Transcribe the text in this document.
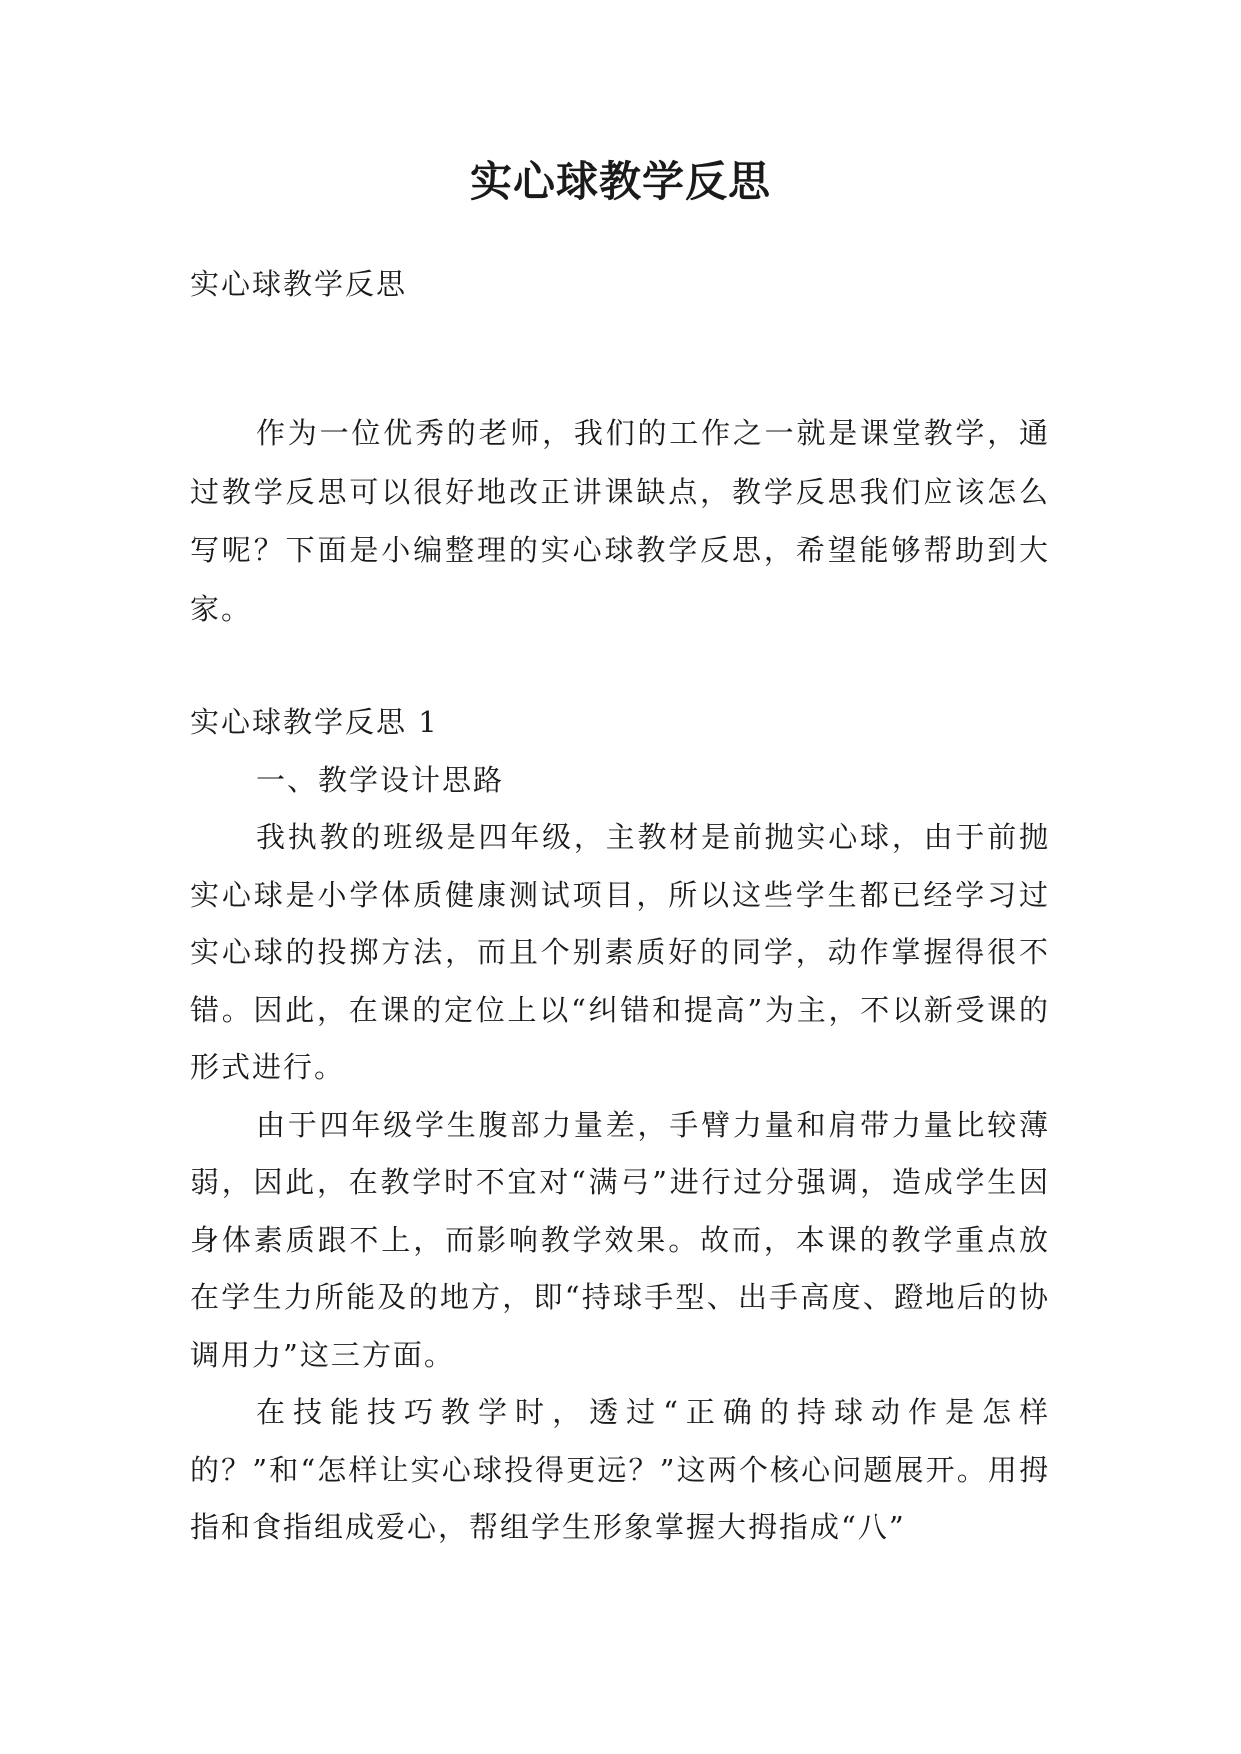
实心球教学反思

实心球教学反思

作为一位优秀的老师，我们的工作之一就是课堂教学，通过教学反思可以很好地改正讲课缺点，教学反思我们应该怎么写呢？下面是小编整理的实心球教学反思，希望能够帮助到大家。

实心球教学反思 1

一、教学设计思路

我执教的班级是四年级，主教材是前抛实心球，由于前抛实心球是小学体质健康测试项目，所以这些学生都已经学习过实心球的投掷方法，而且个别素质好的同学，动作掌握得很不错。因此，在课的定位上以“纠错和提高”为主，不以新受课的形式进行。

由于四年级学生腹部力量差，手臂力量和肩带力量比较薄弱，因此，在教学时不宜对“满弓”进行过分强调，造成学生因身体素质跟不上，而影响教学效果。故而，本课的教学重点放在学生力所能及的地方，即“持球手型、出手高度、蹬地后的协调用力”这三方面。

在技能技巧教学时，透过“正确的持球动作是怎样的？”和“怎样让实心球投得更远？”这两个核心问题展开。用拇指和食指组成爱心，帮组学生形象掌握大拇指成“八”
